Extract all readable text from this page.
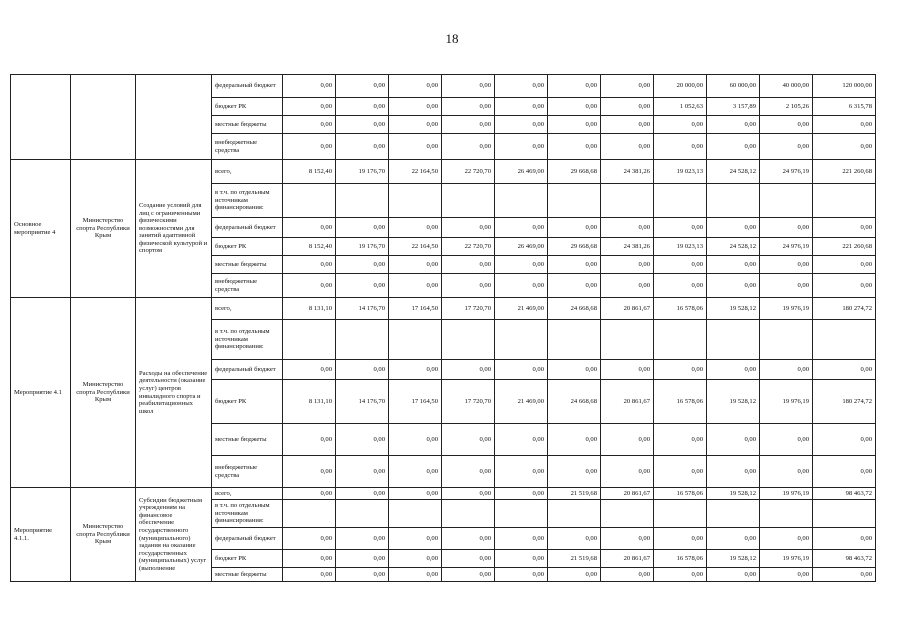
18
			федеральный бюджет	0,00	0,00	0,00	0,00	0,00	0,00	0,00	20 000,00	60 000,00	40 000,00	120 000,00
			бюджет РК	0,00	0,00	0,00	0,00	0,00	0,00	0,00	1 052,63	3 157,89	2 105,26	6 315,78
			местные бюджеты	0,00	0,00	0,00	0,00	0,00	0,00	0,00	0,00	0,00	0,00	0,00
			внебюджетные средства	0,00	0,00	0,00	0,00	0,00	0,00	0,00	0,00	0,00	0,00	0,00
Основное мероприятие 4	Министерство спорта Республики Крым	Создание условий для лиц с ограниченными физическими возможностями для занятий адаптивной физической культурой и спортом	всего,	8 152,40	19 176,70	22 164,50	22 720,70	26 469,00	29 668,68	24 381,26	19 023,13	24 528,12	24 976,19	221 260,68
			в т.ч. по отдельным источникам финансирования:											
			федеральный бюджет	0,00	0,00	0,00	0,00	0,00	0,00	0,00	0,00	0,00	0,00	0,00
			бюджет РК	8 152,40	19 176,70	22 164,50	22 720,70	26 469,00	29 668,68	24 381,26	19 023,13	24 528,12	24 976,19	221 260,68
			местные бюджеты	0,00	0,00	0,00	0,00	0,00	0,00	0,00	0,00	0,00	0,00	0,00
			внебюджетные средства	0,00	0,00	0,00	0,00	0,00	0,00	0,00	0,00	0,00	0,00	0,00
Мероприятие 4.1	Министерство спорта Республики Крым	Расходы на обеспечение деятельности (оказание услуг) центров инвалидного спорта и реабилитационных школ	всего,	8 131,10	14 176,70	17 164,50	17 720,70	21 469,00	24 668,68	20 861,67	16 578,06	19 528,12	19 976,19	180 274,72
			в т.ч. по отдельным источникам финансирования:											
			федеральный бюджет	0,00	0,00	0,00	0,00	0,00	0,00	0,00	0,00	0,00	0,00	0,00
			бюджет РК	8 131,10	14 176,70	17 164,50	17 720,70	21 469,00	24 668,68	20 861,67	16 578,06	19 528,12	19 976,19	180 274,72
			местные бюджеты	0,00	0,00	0,00	0,00	0,00	0,00	0,00	0,00	0,00	0,00	0,00
			внебюджетные средства	0,00	0,00	0,00	0,00	0,00	0,00	0,00	0,00	0,00	0,00	0,00
Мероприятие 4.1.1.	Министерство спорта Республики Крым	Субсидии бюджетным учреждениям на финансовое обеспечение государственного (муниципального) задания на оказание государственных (муниципальных) услуг (выполнение	всего,	0,00	0,00	0,00	0,00	0,00	21 519,68	20 861,67	16 578,06	19 528,12	19 976,19	98 463,72
			в т.ч. по отдельным источникам финансирования:											
			федеральный бюджет	0,00	0,00	0,00	0,00	0,00	0,00	0,00	0,00	0,00	0,00	0,00
			бюджет РК	0,00	0,00	0,00	0,00	0,00	21 519,68	20 861,67	16 578,06	19 528,12	19 976,19	98 463,72
			местные бюджеты	0,00	0,00	0,00	0,00	0,00	0,00	0,00	0,00	0,00	0,00	0,00
